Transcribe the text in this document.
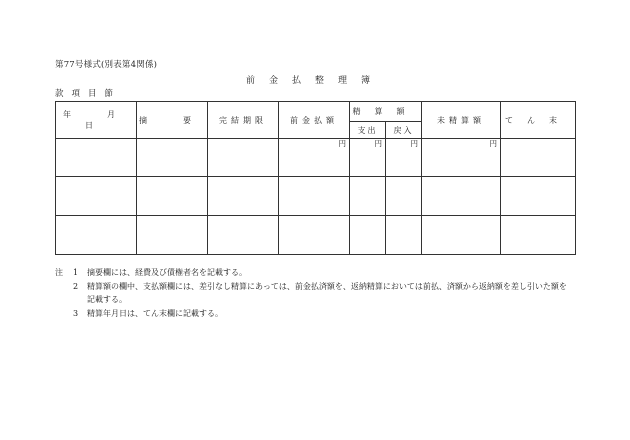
第77号様式(別表第4関係)
前金払整理簿
款項目節
年　月　日	摘　要	完結期限	前金払額	精算額		未精算額	てん末
				支出	戻入		

			円	円	円	円	

注	1	摘要欄には、経費及び債権者名を記載する。
2	精算額の欄中、支払額欄には、差引なし精算にあっては、前金払済額を、返納精算においては前払、済額から返納額を差し引いた額を
記載する。
3	精算年月日は、てん末欄に記載する。
